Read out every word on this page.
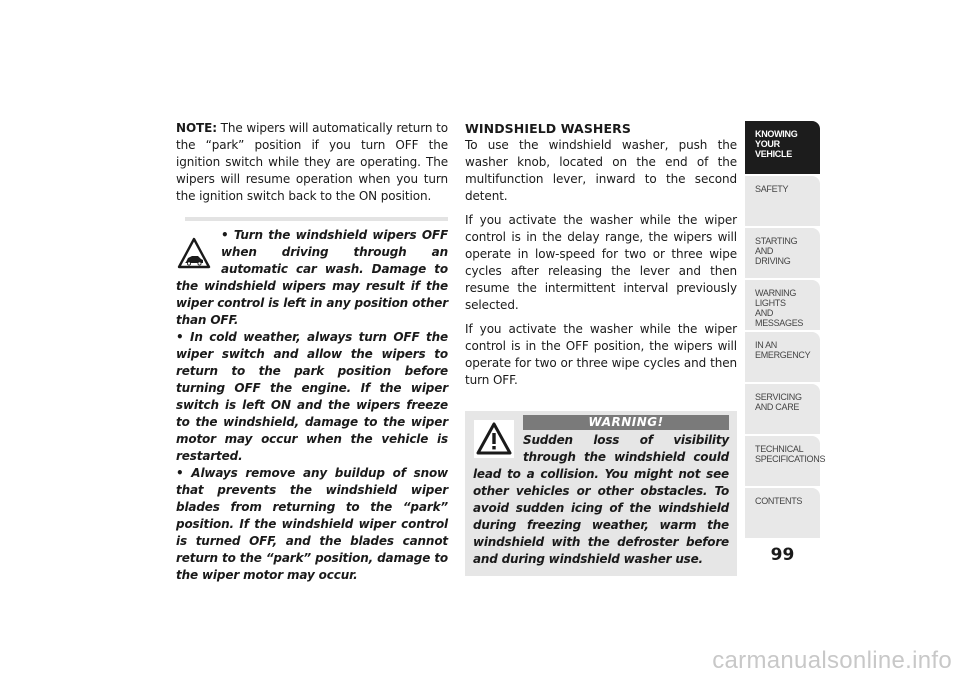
NOTE: The wipers will automatically return to the “park” position if you turn OFF the ignition switch while they are operating. The wipers will resume operation when you turn the ignition switch back to the ON position.

• Turn the windshield wipers OFF when driving through an automatic car wash. Damage to the windshield wipers may result if the wiper control is left in any position other than OFF.
• In cold weather, always turn OFF the wiper switch and allow the wipers to return to the park position before turning OFF the engine. If the wiper switch is left ON and the wipers freeze to the windshield, damage to the wiper motor may occur when the vehicle is restarted.
• Always remove any buildup of snow that prevents the windshield wiper blades from returning to the “park” position. If the windshield wiper control is turned OFF, and the blades cannot return to the “park” position, damage to the wiper motor may occur.
WINDSHIELD WASHERS

To use the windshield washer, push the washer knob, located on the end of the multifunction lever, inward to the second detent.

If you activate the washer while the wiper control is in the delay range, the wipers will operate in low-speed for two or three wipe cycles after releasing the lever and then resume the intermittent interval previously selected.

If you activate the washer while the wiper control is in the OFF position, the wipers will operate for two or three wipe cycles and then turn OFF.

WARNING!
Sudden loss of visibility through the windshield could lead to a collision. You might not see other vehicles or other obstacles. To avoid sudden icing of the windshield during freezing weather, warm the windshield with the defroster before and during windshield washer use.
KNOWING
YOUR
VEHICLE
SAFETY
STARTING
AND
DRIVING
WARNING
LIGHTS
AND
MESSAGES
IN AN
EMERGENCY
SERVICING
AND CARE
TECHNICAL
SPECIFICATIONS
CONTENTS
99
carmanualsonline.info
